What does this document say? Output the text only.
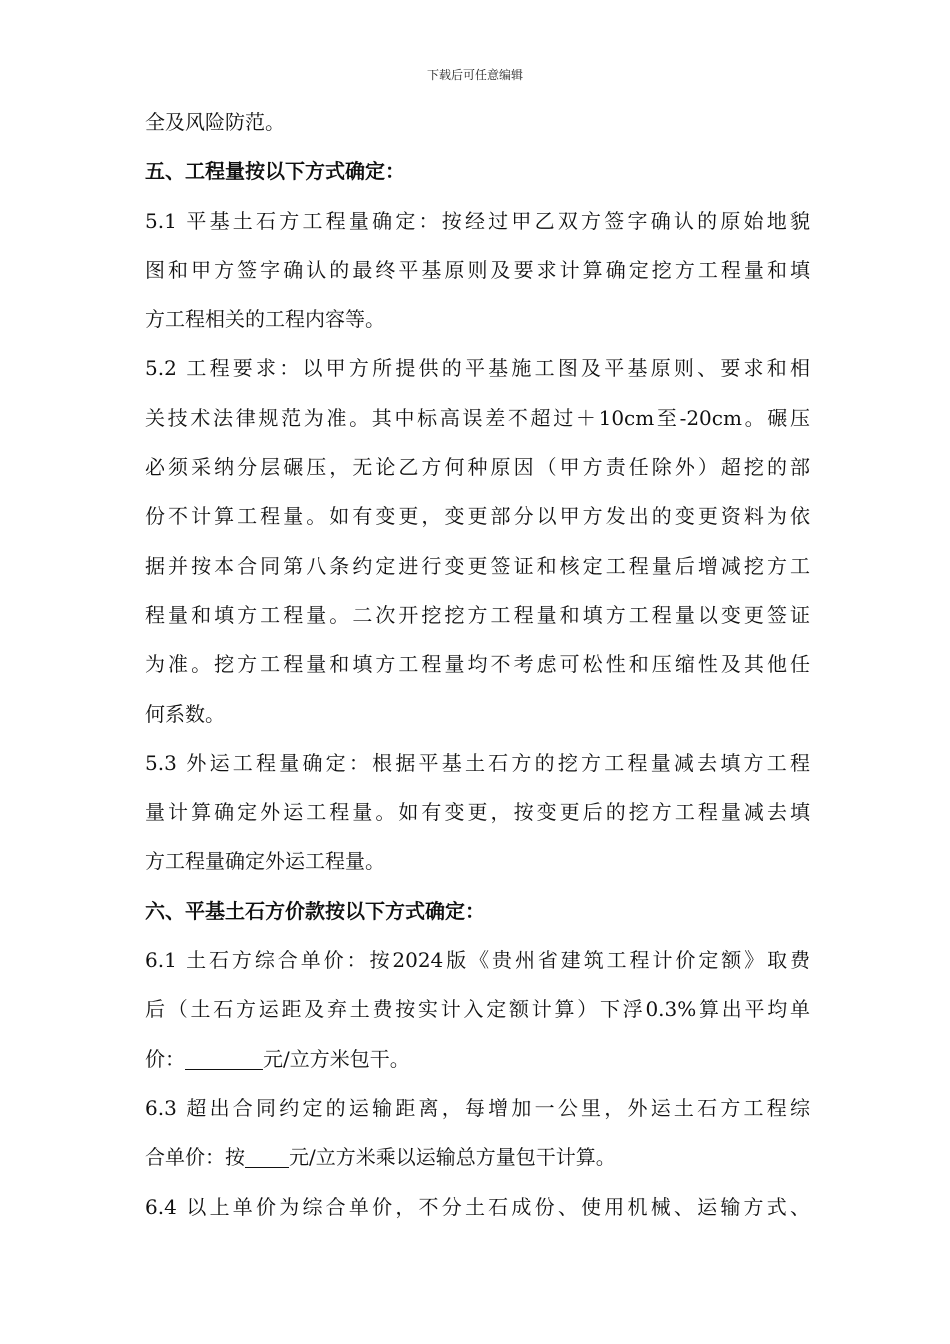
下载后可任意编辑
全及风险防范。
五、工程量按以下方式确定：
5.1 平基土石方工程量确定：按经过甲乙双方签字确认的原始地貌
图和甲方签字确认的最终平基原则及要求计算确定挖方工程量和填
方工程相关的工程内容等。
5.2 工程要求：以甲方所提供的平基施工图及平基原则、要求和相
关技术法律规范为准。其中标高误差不超过＋10cm至-20cm。碾压
必须采纳分层碾压，无论乙方何种原因（甲方责任除外）超挖的部
份不计算工程量。如有变更，变更部分以甲方发出的变更资料为依
据并按本合同第八条约定进行变更签证和核定工程量后增减挖方工
程量和填方工程量。二次开挖挖方工程量和填方工程量以变更签证
为准。挖方工程量和填方工程量均不考虑可松性和压缩性及其他任
何系数。
5.3 外运工程量确定：根据平基土石方的挖方工程量减去填方工程
量计算确定外运工程量。如有变更，按变更后的挖方工程量减去填
方工程量确定外运工程量。
六、平基土石方价款按以下方式确定：
6.1 土石方综合单价：按2024版《贵州省建筑工程计价定额》取费
后（土石方运距及弃土费按实计入定额计算）下浮0.3%算出平均单
价：	元/立方米包干。
6.3 超出合同约定的运输距离，每增加一公里，外运土石方工程综
合单价：按 元/立方米乘以运输总方量包干计算。
6.4 以上单价为综合单价，不分土石成份、使用机械、运输方式、
